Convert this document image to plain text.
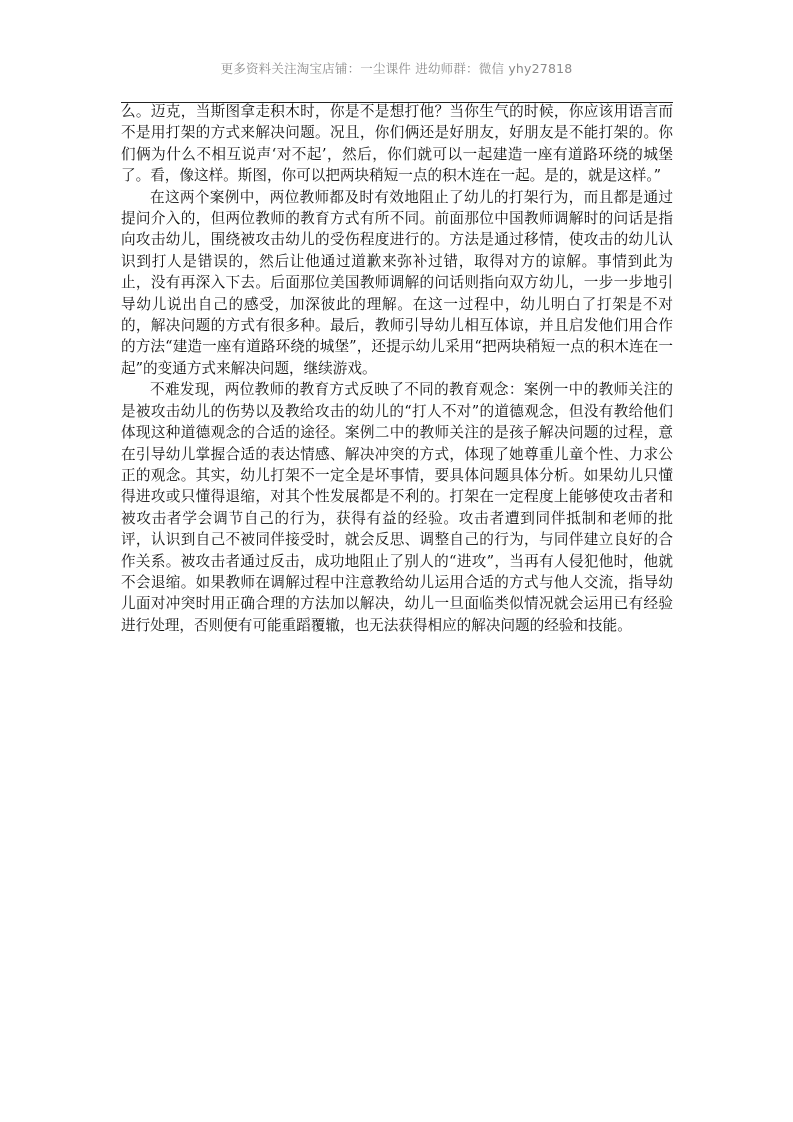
更多资料关注淘宝店铺：一尘课件 进幼师群：微信 yhy27818

么。迈克，当斯图拿走积木时，你是不是想打他？当你生气的时候，你应该用语言而不是用打架的方式来解决问题。况且，你们俩还是好朋友，好朋友是不能打架的。你们俩为什么不相互说声‘对不起’，然后，你们就可以一起建造一座有道路环绕的城堡了。看，像这样。斯图，你可以把两块稍短一点的积木连在一起。是的，就是这样。”

在这两个案例中，两位教师都及时有效地阻止了幼儿的打架行为，而且都是通过提问介入的，但两位教师的教育方式有所不同。前面那位中国教师调解时的问话是指向攻击幼儿，围绕被攻击幼儿的受伤程度进行的。方法是通过移情，使攻击的幼儿认识到打人是错误的，然后让他通过道歉来弥补过错，取得对方的谅解。事情到此为止，没有再深入下去。后面那位美国教师调解的问话则指向双方幼儿，一步一步地引导幼儿说出自己的感受，加深彼此的理解。在这一过程中，幼儿明白了打架是不对的，解决问题的方式有很多种。最后，教师引导幼儿相互体谅，并且启发他们用合作的方法“建造一座有道路环绕的城堡”，还提示幼儿采用“把两块稍短一点的积木连在一起”的变通方式来解决问题，继续游戏。

不难发现，两位教师的教育方式反映了不同的教育观念：案例一中的教师关注的是被攻击幼儿的伤势以及教给攻击的幼儿的“打人不对”的道德观念，但没有教给他们体现这种道德观念的合适的途径。案例二中的教师关注的是孩子解决问题的过程，意在引导幼儿掌握合适的表达情感、解决冲突的方式，体现了她尊重儿童个性、力求公正的观念。其实，幼儿打架不一定全是坏事情，要具体问题具体分析。如果幼儿只懂得进攻或只懂得退缩，对其个性发展都是不利的。打架在一定程度上能够使攻击者和被攻击者学会调节自己的行为，获得有益的经验。攻击者遭到同伴抵制和老师的批评，认识到自己不被同伴接受时，就会反思、调整自己的行为，与同伴建立良好的合作关系。被攻击者通过反击，成功地阻止了别人的“进攻”，当再有人侵犯他时，他就不会退缩。如果教师在调解过程中注意教给幼儿运用合适的方式与他人交流，指导幼儿面对冲突时用正确合理的方法加以解决，幼儿一旦面临类似情况就会运用已有经验进行处理，否则便有可能重蹈覆辙，也无法获得相应的解决问题的经验和技能。
